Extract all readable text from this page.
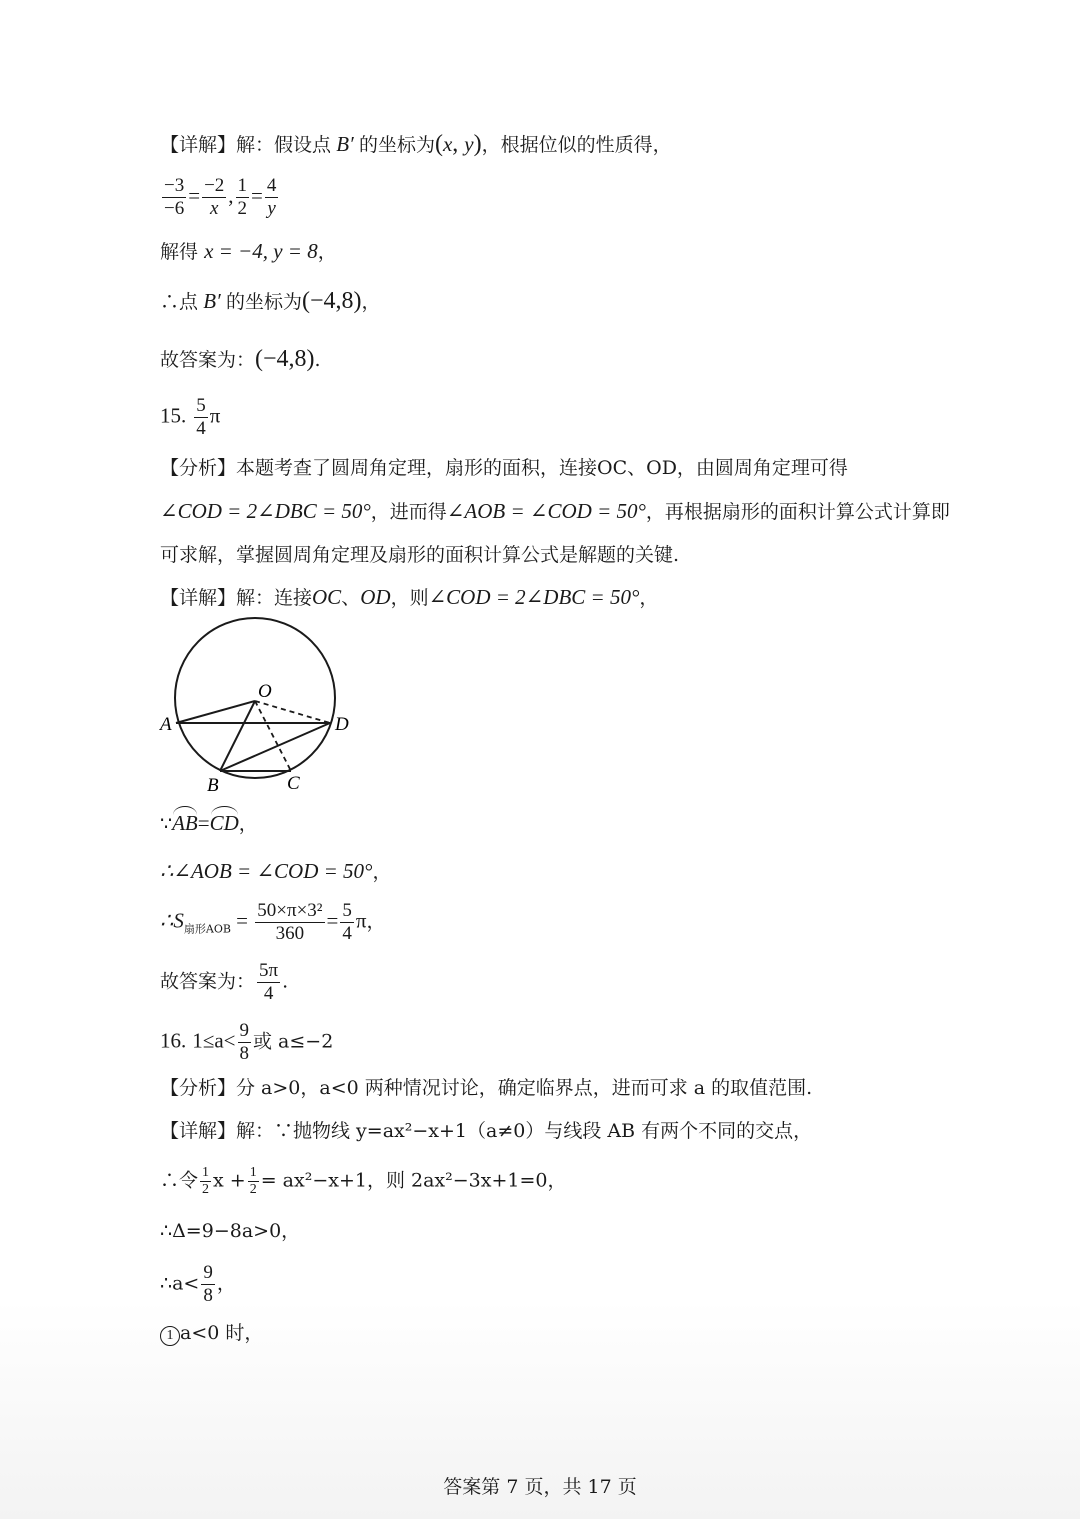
【详解】解：假设点 B′ 的坐标为(x, y)，根据位似的性质得，
$\frac{-3}{-6} = \frac{-2}{x}$ , $\frac{1}{2} = \frac{4}{y}$
解得 x = −4, y = 8，
∴点 B′ 的坐标为(−4,8)，
故答案为：(−4,8).
15. $\frac{5}{4}$ π
【分析】本题考查了圆周角定理，扇形的面积，连接OC、OD，由圆周角定理可得
∠COD = 2∠DBC = 50°，进而得∠AOB = ∠COD = 50°，再根据扇形的面积计算公式计算即
可求解，掌握圆周角定理及扇形的面积计算公式是解题的关键.
【详解】解：连接OC、OD，则∠COD = 2∠DBC = 50°，
O
A	D
B	C
∵AB=CD，
∴∠AOB = ∠COD = 50°，
$\therefore S_{扇形AOB} = \frac{\text{50×π×3²}}{360} = \frac{5}{4}$ π，
故答案为： $\frac{5\pi}{4}$ .
16. $1\le a< \frac{9}{8}$ 或 a≤−2
【分析】分 a>0，a<0 两种情况讨论，确定临界点，进而可求 a 的取值范围.
【详解】解：∵抛物线 y=ax²−x+1（a≠0）与线段 AB 有两个不同的交点，
∴令 $\frac{1}{2}$ $x + \frac{1}{2} = ax^2-x+1$，则 2ax²−3x+1=0，
∴Δ=9−8a>0，
∴a< $\frac{9}{8}$ ，
1 a<0 时，
答案第 7 页，共 17 页
